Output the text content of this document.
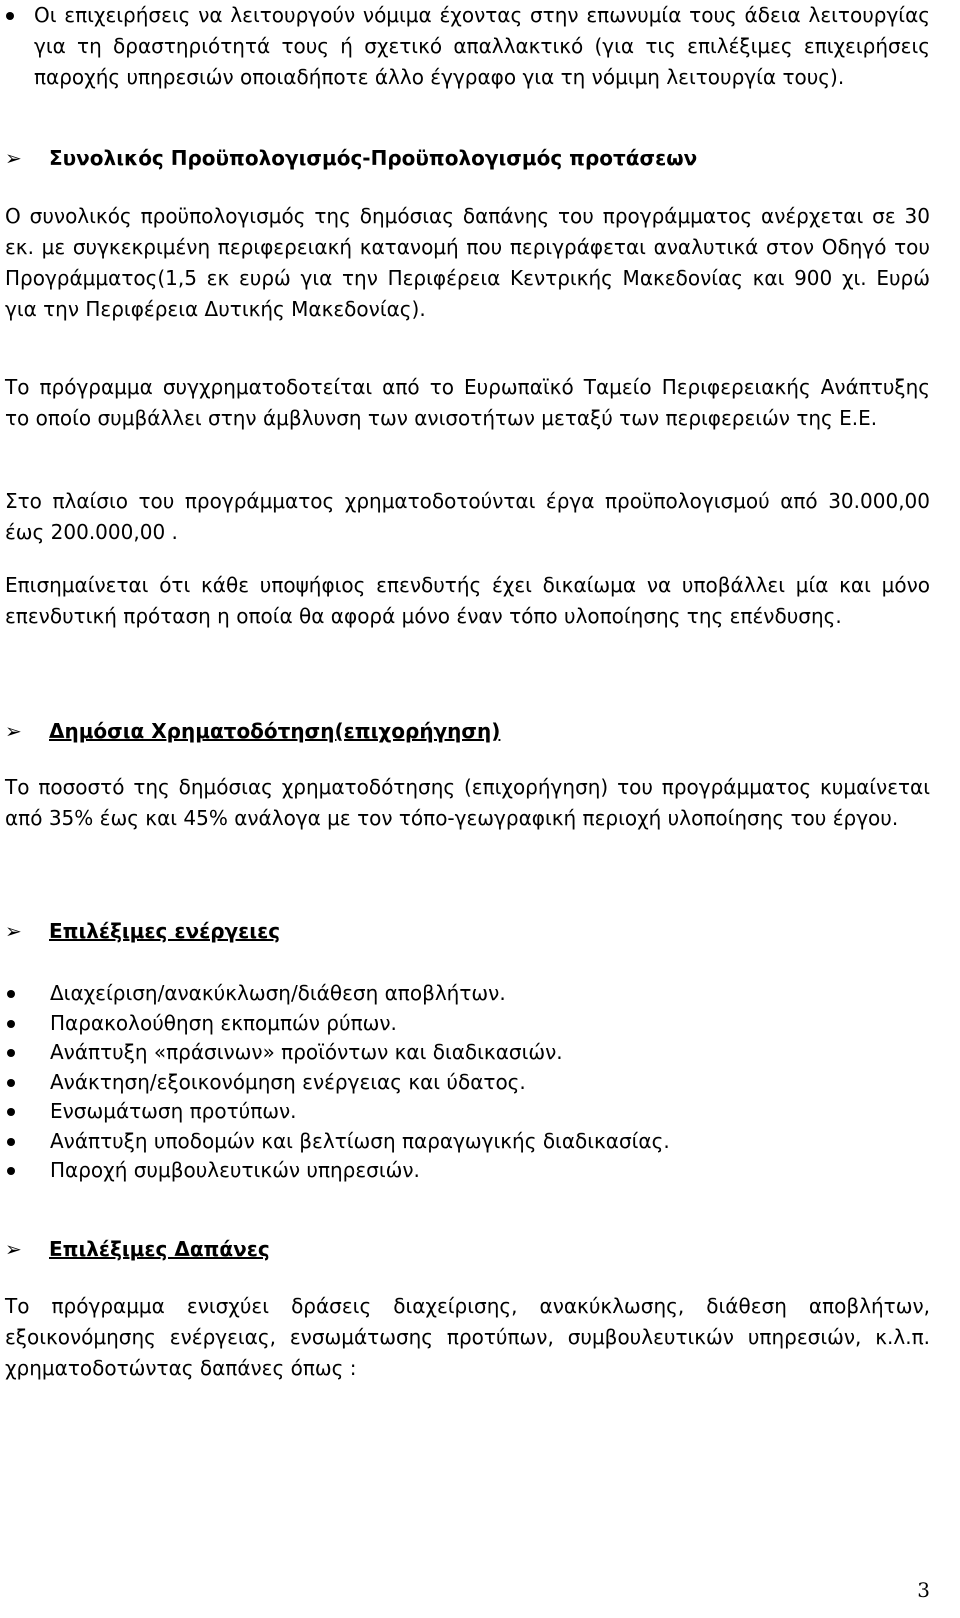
Οι επιχειρήσεις να λειτουργούν νόμιμα έχοντας στην επωνυμία τους άδεια λειτουργίας για τη δραστηριότητά τους ή σχετικό απαλλακτικό (για τις επιλέξιμες επιχειρήσεις παροχής υπηρεσιών οποιαδήποτε άλλο έγγραφο για τη νόμιμη λειτουργία τους).

➢ Συνολικός Προϋπολογισμός-Προϋπολογισμός προτάσεων

Ο συνολικός προϋπολογισμός της δημόσιας δαπάνης του προγράμματος ανέρχεται σε 30 εκ. με συγκεκριμένη περιφερειακή κατανομή που περιγράφεται αναλυτικά στον Οδηγό του Προγράμματος(1,5 εκ ευρώ για την Περιφέρεια Κεντρικής Μακεδονίας και 900 χι. Ευρώ για την Περιφέρεια Δυτικής Μακεδονίας).

Το πρόγραμμα συγχρηματοδοτείται από το Ευρωπαϊκό Ταμείο Περιφερειακής Ανάπτυξης το οποίο συμβάλλει στην άμβλυνση των ανισοτήτων μεταξύ των περιφερειών της Ε.Ε.

Στο πλαίσιο του προγράμματος χρηματοδοτούνται έργα προϋπολογισμού από 30.000,00 έως 200.000,00 .

Επισημαίνεται ότι κάθε υποψήφιος επενδυτής έχει δικαίωμα να υποβάλλει μία και μόνο επενδυτική πρόταση η οποία θα αφορά μόνο έναν τόπο υλοποίησης της επένδυσης.

➢ Δημόσια Χρηματοδότηση(επιχορήγηση)

Το ποσοστό της δημόσιας χρηματοδότησης (επιχορήγηση) του προγράμματος κυμαίνεται από 35% έως και 45% ανάλογα με τον τόπο-γεωγραφική περιοχή υλοποίησης του έργου.

➢ Επιλέξιμες ενέργειες
Διαχείριση/ανακύκλωση/διάθεση αποβλήτων.
Παρακολούθηση εκπομπών ρύπων.
Ανάπτυξη «πράσινων» προϊόντων και διαδικασιών.
Ανάκτηση/εξοικονόμηση ενέργειας και ύδατος.
Ενσωμάτωση προτύπων.
Ανάπτυξη υποδομών και βελτίωση παραγωγικής διαδικασίας.
Παροχή συμβουλευτικών υπηρεσιών.
➢ Επιλέξιμες Δαπάνες

Το πρόγραμμα ενισχύει δράσεις διαχείρισης, ανακύκλωσης, διάθεση αποβλήτων, εξοικονόμησης ενέργειας, ενσωμάτωσης προτύπων, συμβουλευτικών υπηρεσιών, κ.λ.π. χρηματοδοτώντας δαπάνες όπως :

3
